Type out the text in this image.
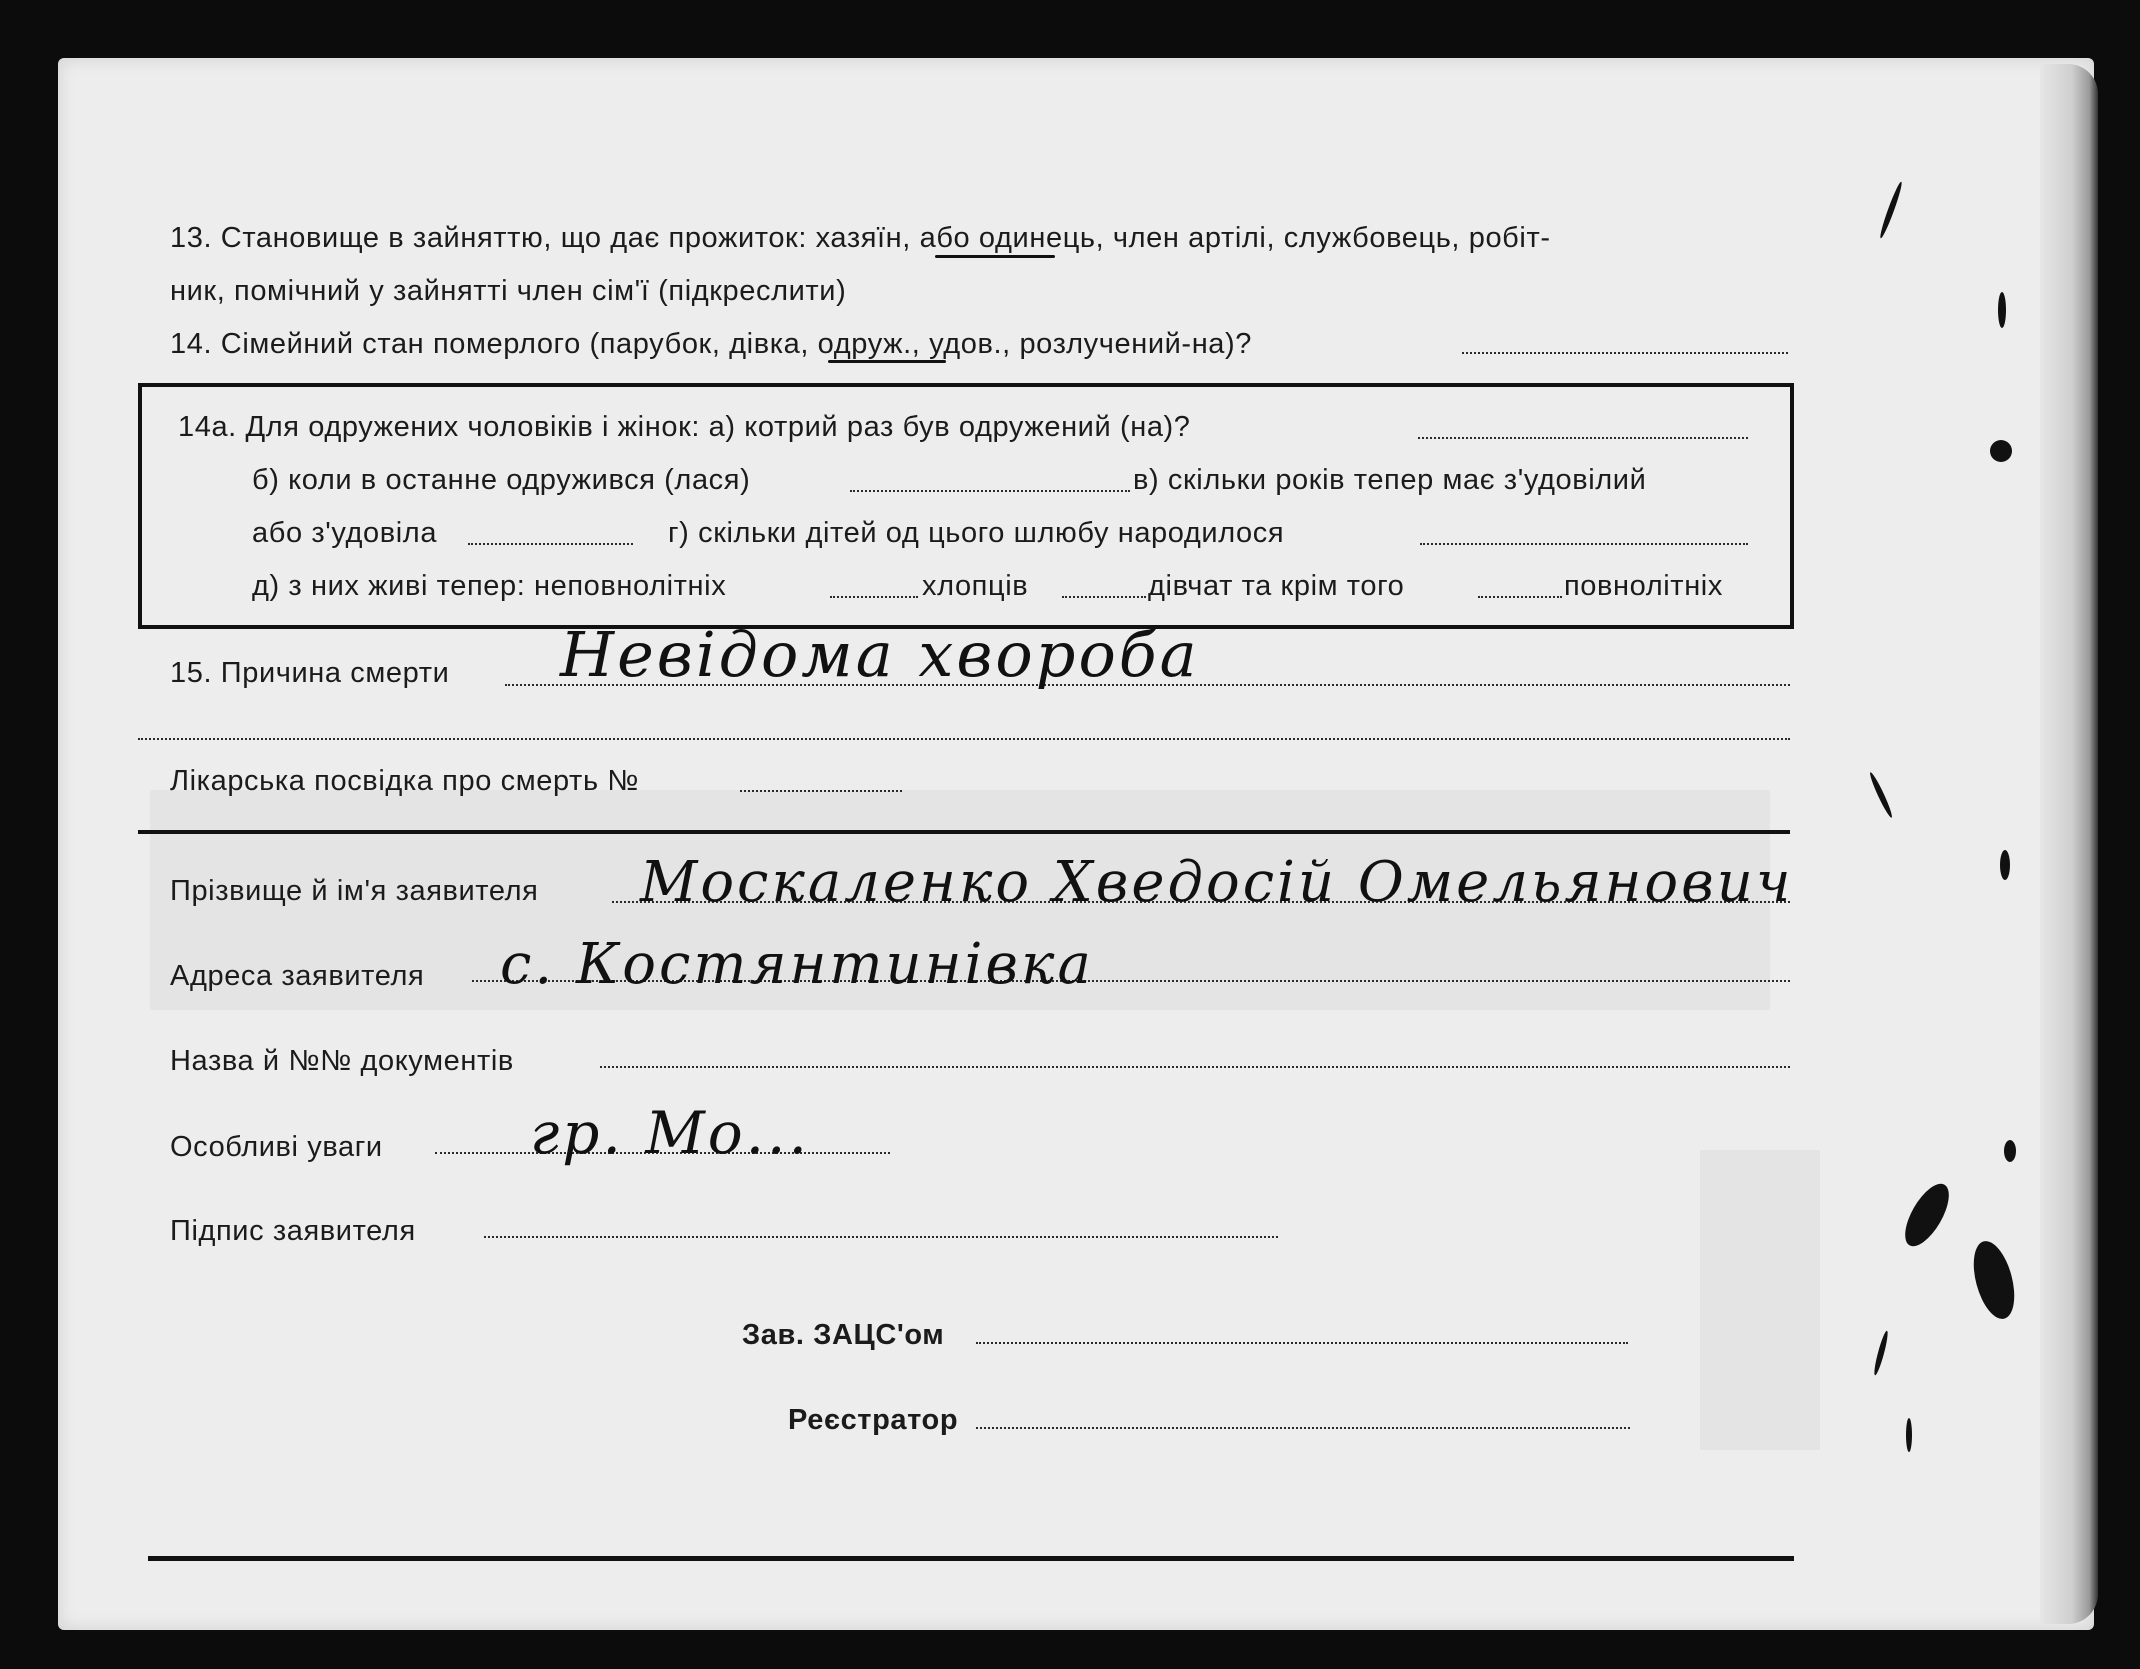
13. Становище в зайняттю, що дає прожиток: хазяїн, або одинець, член артілі, службовець, робіт-
ник, помічний у зайнятті член сім'ї (підкреслити)
14. Сімейний стан померлого (парубок, дівка, одруж., удов., розлучений-на)?
14а. Для одружених чоловіків і жінок: а) котрий раз був одружений (на)?
б) коли в останне одружився (лася)	в) скільки років тепер має з'удовілий
або з'удовіла	г) скільки дітей од цього шлюбу народилося
д) з них живі тепер: неповнолітніх	хлопців	дівчат та крім того	повнолітніх
15. Причина смерти Невідома хвороба
Лікарська посвідка про смерть №
Прізвище й ім'я заявителя Москаленко Хведосій Омельянович
Адреса заявителя с. Костянтинівка
Назва й №№ документів
Особливі уваги	гр. Мо...
Підпис заявителя
Зав. ЗАЦС'ом
Реєстратор
